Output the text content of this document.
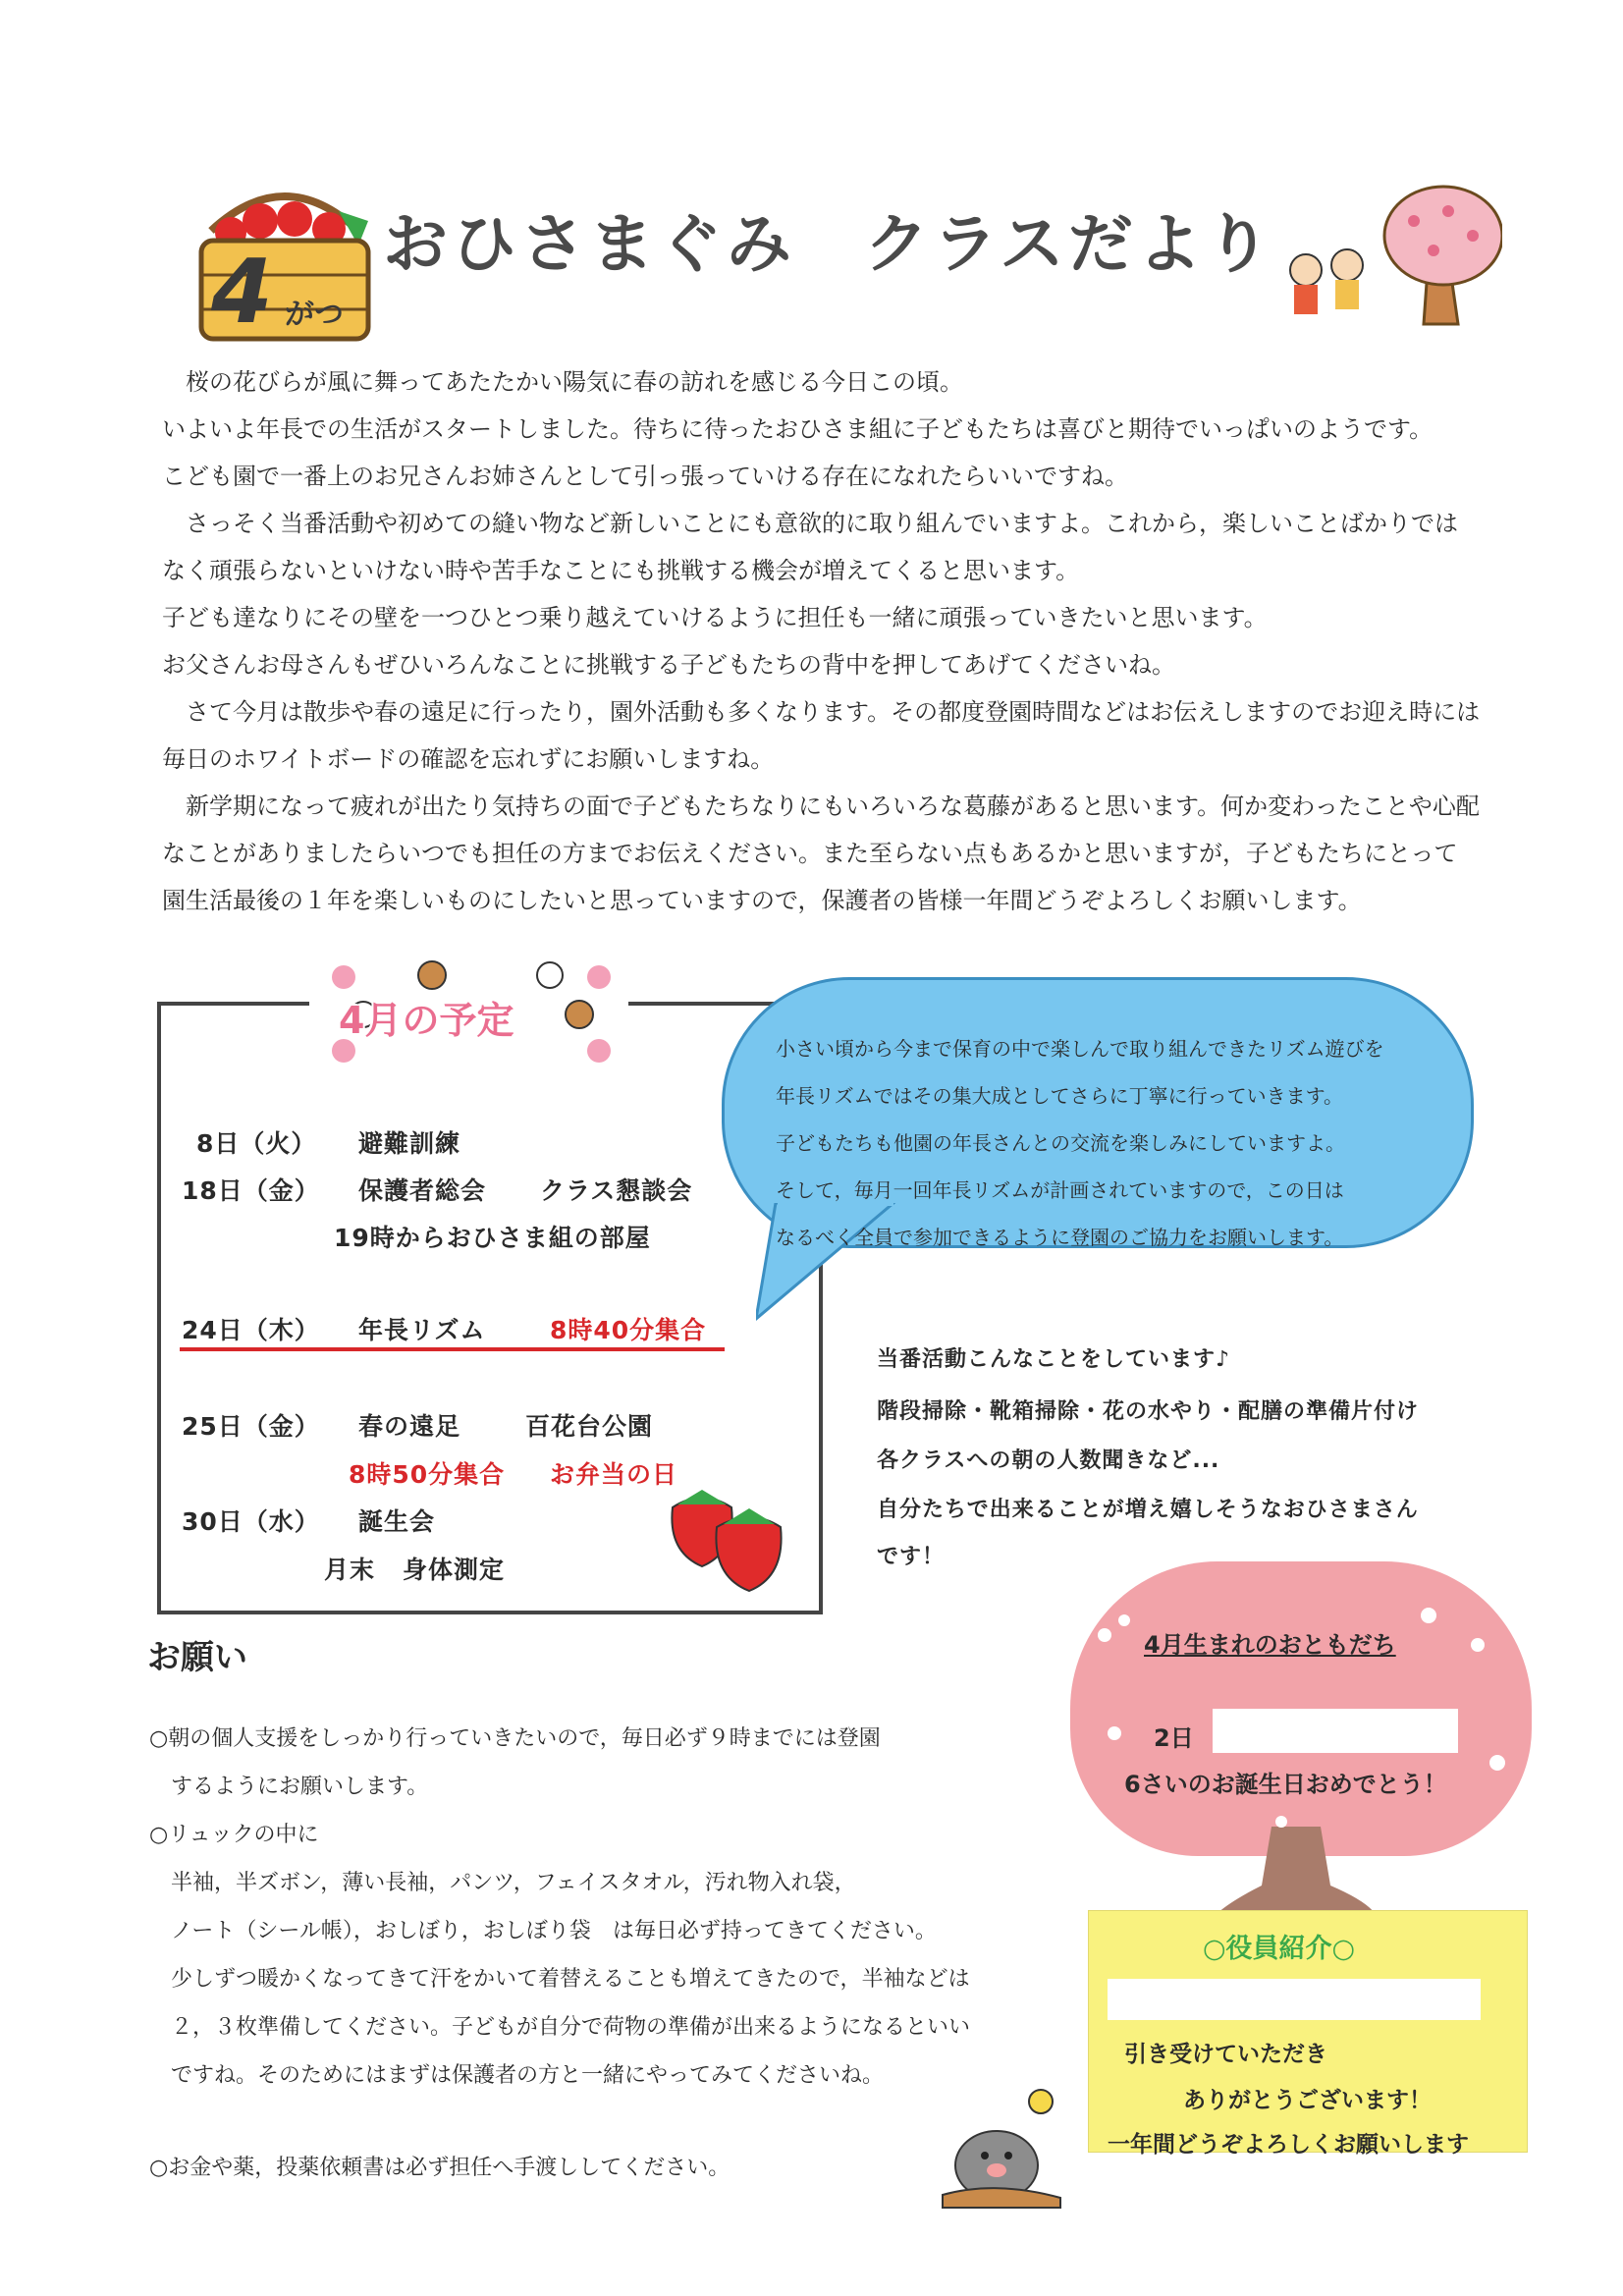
4 がつ
おひさまぐみ クラスだより

　桜の花びらが風に舞ってあたたかい陽気に春の訪れを感じる今日この頃。

いよいよ年長での生活がスタートしました。待ちに待ったおひさま組に子どもたちは喜びと期待でいっぱいのようです。

こども園で一番上のお兄さんお姉さんとして引っ張っていける存在になれたらいいですね。

　さっそく当番活動や初めての縫い物など新しいことにも意欲的に取り組んでいますよ。これから，楽しいことばかりでは

なく頑張らないといけない時や苦手なことにも挑戦する機会が増えてくると思います。

子ども達なりにその壁を一つひとつ乗り越えていけるように担任も一緒に頑張っていきたいと思います。

お父さんお母さんもぜひいろんなことに挑戦する子どもたちの背中を押してあげてくださいね。

　さて今月は散歩や春の遠足に行ったり，園外活動も多くなります。その都度登園時間などはお伝えしますのでお迎え時には

毎日のホワイトボードの確認を忘れずにお願いしますね。

　新学期になって疲れが出たり気持ちの面で子どもたちなりにもいろいろな葛藤があると思います。何か変わったことや心配

なことがありましたらいつでも担任の方までお伝えください。また至らない点もあるかと思いますが，子どもたちにとって

園生活最後の１年を楽しいものにしたいと思っていますので，保護者の皆様一年間どうぞよろしくお願いします。

4月の予定
8日（火） 避難訓練
18日（金） 保護者総会 クラス懇談会
19時からおひさま組の部屋
24日（木） 年長リズム	8時40分集合
25日（金） 春の遠足	百花台公園
8時50分集合 お弁当の日
30日（水） 誕生会
月末 身体測定
小さい頃から今まで保育の中で楽しんで取り組んできたリズム遊びを
年長リズムではその集大成としてさらに丁寧に行っていきます。
子どもたちも他園の年長さんとの交流を楽しみにしていますよ。
そして，毎月一回年長リズムが計画されていますので，この日は
なるべく全員で参加できるように登園のご協力をお願いします。
当番活動こんなことをしています♪
階段掃除・靴箱掃除・花の水やり・配膳の準備片付け
各クラスへの朝の人数聞きなど...
自分たちで出来ることが増え嬉しそうなおひさまさん
です！
お願い
○朝の個人支援をしっかり行っていきたいので，毎日必ず９時までには登園
　するようにお願いします。
○リュックの中に
　半袖，半ズボン，薄い長袖，パンツ，フェイスタオル，汚れ物入れ袋，
　ノート（シール帳），おしぼり，おしぼり袋　は毎日必ず持ってきてください。
　少しずつ暖かくなってきて汗をかいて着替えることも増えてきたので，半袖などは
　２，３枚準備してください。子どもが自分で荷物の準備が出来るようになるといい
　ですね。そのためにはまずは保護者の方と一緒にやってみてくださいね。
○お金や薬，投薬依頼書は必ず担任へ手渡ししてください。
4月生まれのおともだち
2日
6さいのお誕生日おめでとう！
○役員紹介○
引き受けていただき
ありがとうございます！
一年間どうぞよろしくお願いします
